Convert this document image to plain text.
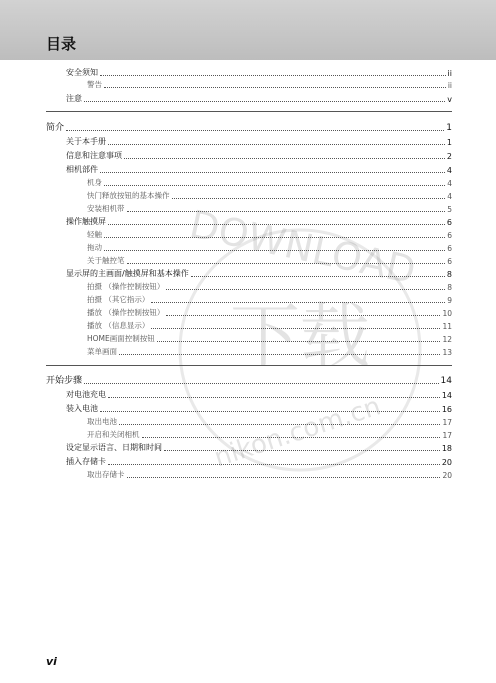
目录
DOWNLOAD
下载
nikon.com.cn
安全须知	ii
警告	ii
注意	v
简介	1
关于本手册	1
信息和注意事项	2
相机部件	4
机身	4
快门释放按钮的基本操作	4
安装相机带	5
操作触摸屏	6
轻触	6
拖动	6
关于触控笔	6
显示屏的主画面/触摸屏和基本操作	8
拍摄 （操作控制按钮）	8
拍摄 （其它指示）	9
播放 （操作控制按钮）	10
播放 （信息显示）	11
HOME画面控制按钮	12
菜单画面	13
开始步骤	14
对电池充电	14
装入电池	16
取出电池	17
开启和关闭相机	17
设定显示语言、日期和时间	18
插入存储卡	20
取出存储卡	20
vi
